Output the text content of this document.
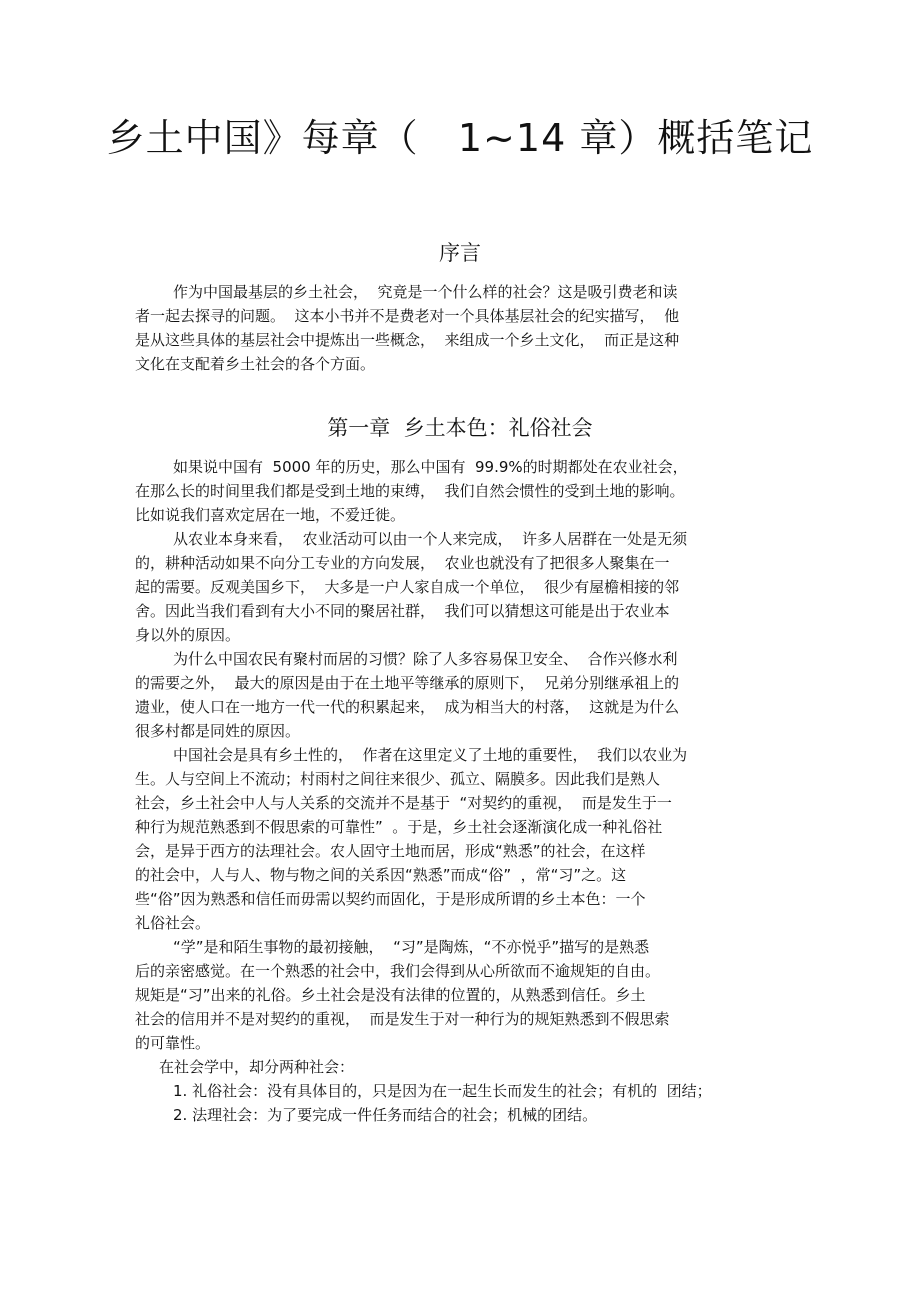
乡土中国》每章（   1~14 章）概括笔记
序言
作为中国最基层的乡土社会，  究竟是一个什么样的社会？这是吸引费老和读
者一起去探寻的问题。  这本小书并不是费老对一个具体基层社会的纪实描写，  他
是从这些具体的基层社会中提炼出一些概念，  来组成一个乡土文化，  而正是这种
文化在支配着乡土社会的各个方面。
第一章  乡土本色：礼俗社会
如果说中国有  5000 年的历史，那么中国有  99.9%的时期都处在农业社会，
在那么长的时间里我们都是受到土地的束缚，  我们自然会惯性的受到土地的影响。
比如说我们喜欢定居在一地，不爱迁徙。
从农业本身来看，  农业活动可以由一个人来完成，  许多人居群在一处是无须
的，耕种活动如果不向分工专业的方向发展，  农业也就没有了把很多人聚集在一
起的需要。反观美国乡下，  大多是一户人家自成一个单位，  很少有屋檐相接的邻
舍。因此当我们看到有大小不同的聚居社群，  我们可以猜想这可能是出于农业本
身以外的原因。
为什么中国农民有聚村而居的习惯？除了人多容易保卫安全、  合作兴修水利
的需要之外，  最大的原因是由于在土地平等继承的原则下，  兄弟分别继承祖上的
遗业，使人口在一地方一代一代的积累起来，  成为相当大的村落，  这就是为什么
很多村都是同姓的原因。
中国社会是具有乡土性的，  作者在这里定义了土地的重要性，  我们以农业为
生。人与空间上不流动；村雨村之间往来很少、孤立、隔膜多。因此我们是熟人
社会，乡土社会中人与人关系的交流并不是基于  “对契约的重视，  而是发生于一
种行为规范熟悉到不假思索的可靠性”  。于是，乡土社会逐渐演化成一种礼俗社
会，是异于西方的法理社会。农人固守土地而居，形成“熟悉”的社会，在这样
的社会中，人与人、物与物之间的关系因“熟悉”而成“俗”  ，常“习”之。这
些“俗”因为熟悉和信任而毋需以契约而固化，于是形成所谓的乡土本色：一个
礼俗社会。
“学”是和陌生事物的最初接触，  “习”是陶炼，“不亦悦乎”描写的是熟悉
后的亲密感觉。在一个熟悉的社会中，我们会得到从心所欲而不逾规矩的自由。
规矩是“习”出来的礼俗。乡土社会是没有法律的位置的，从熟悉到信任。乡土
社会的信用并不是对契约的重视，  而是发生于对一种行为的规矩熟悉到不假思索
的可靠性。
在社会学中，却分两种社会：
1. 礼俗社会：没有具体目的，只是因为在一起生长而发生的社会；有机的  团结；
2. 法理社会：为了要完成一件任务而结合的社会；机械的团结。
